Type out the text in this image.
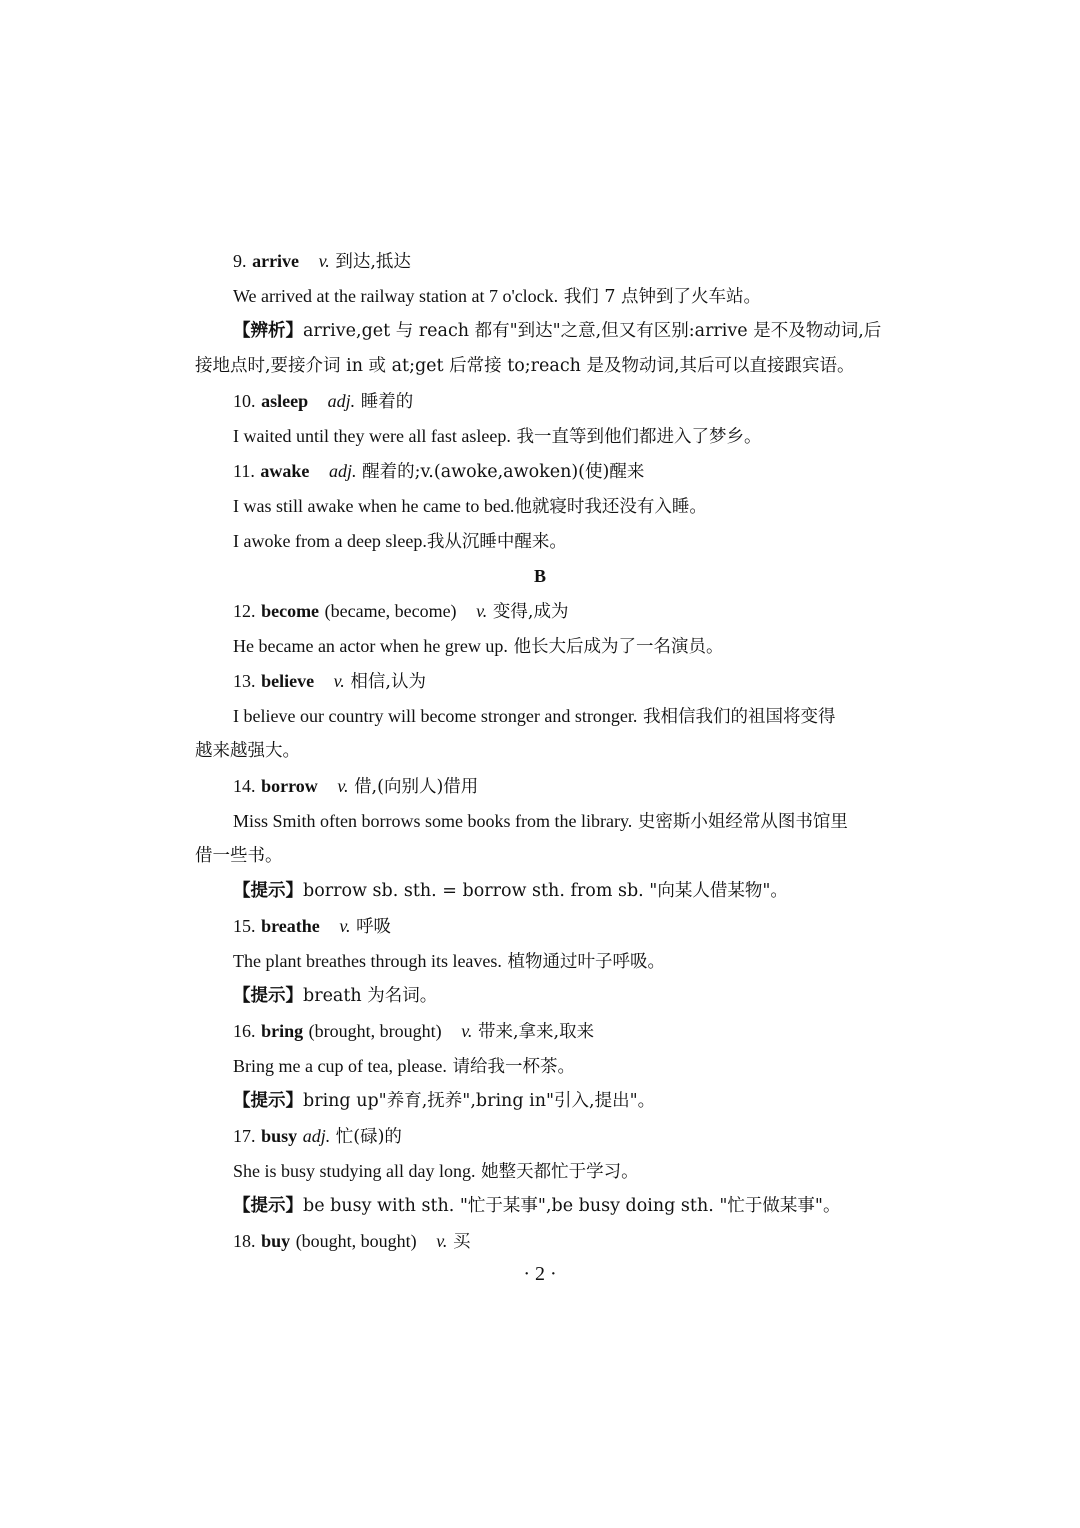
9. arrive v. 到达,抵达
We arrived at the railway station at 7 o'clock. 我们 7 点钟到了火车站。
【辨析】arrive,get 与 reach 都有"到达"之意,但又有区别:arrive 是不及物动词,后
接地点时,要接介词 in 或 at;get 后常接 to;reach 是及物动词,其后可以直接跟宾语。
10. asleep adj. 睡着的
I waited until they were all fast asleep. 我一直等到他们都进入了梦乡。
11. awake adj. 醒着的;v.(awoke,awoken)(使)醒来
I was still awake when he came to bed.他就寝时我还没有入睡。
I awoke from a deep sleep.我从沉睡中醒来。
B
12. become (became, become) v. 变得,成为
He became an actor when he grew up. 他长大后成为了一名演员。
13. believe v. 相信,认为
I believe our country will become stronger and stronger. 我相信我们的祖国将变得
越来越强大。
14. borrow v. 借,(向别人)借用
Miss Smith often borrows some books from the library. 史密斯小姐经常从图书馆里
借一些书。
【提示】borrow sb. sth. = borrow sth. from sb. "向某人借某物"。
15. breathe v. 呼吸
The plant breathes through its leaves. 植物通过叶子呼吸。
【提示】breath 为名词。
16. bring (brought, brought) v. 带来,拿来,取来
Bring me a cup of tea, please. 请给我一杯茶。
【提示】bring up"养育,抚养",bring in"引入,提出"。
17. busy adj. 忙(碌)的
She is busy studying all day long. 她整天都忙于学习。
【提示】be busy with sth. "忙于某事",be busy doing sth. "忙于做某事"。
18. buy (bought, bought) v. 买
· 2 ·
